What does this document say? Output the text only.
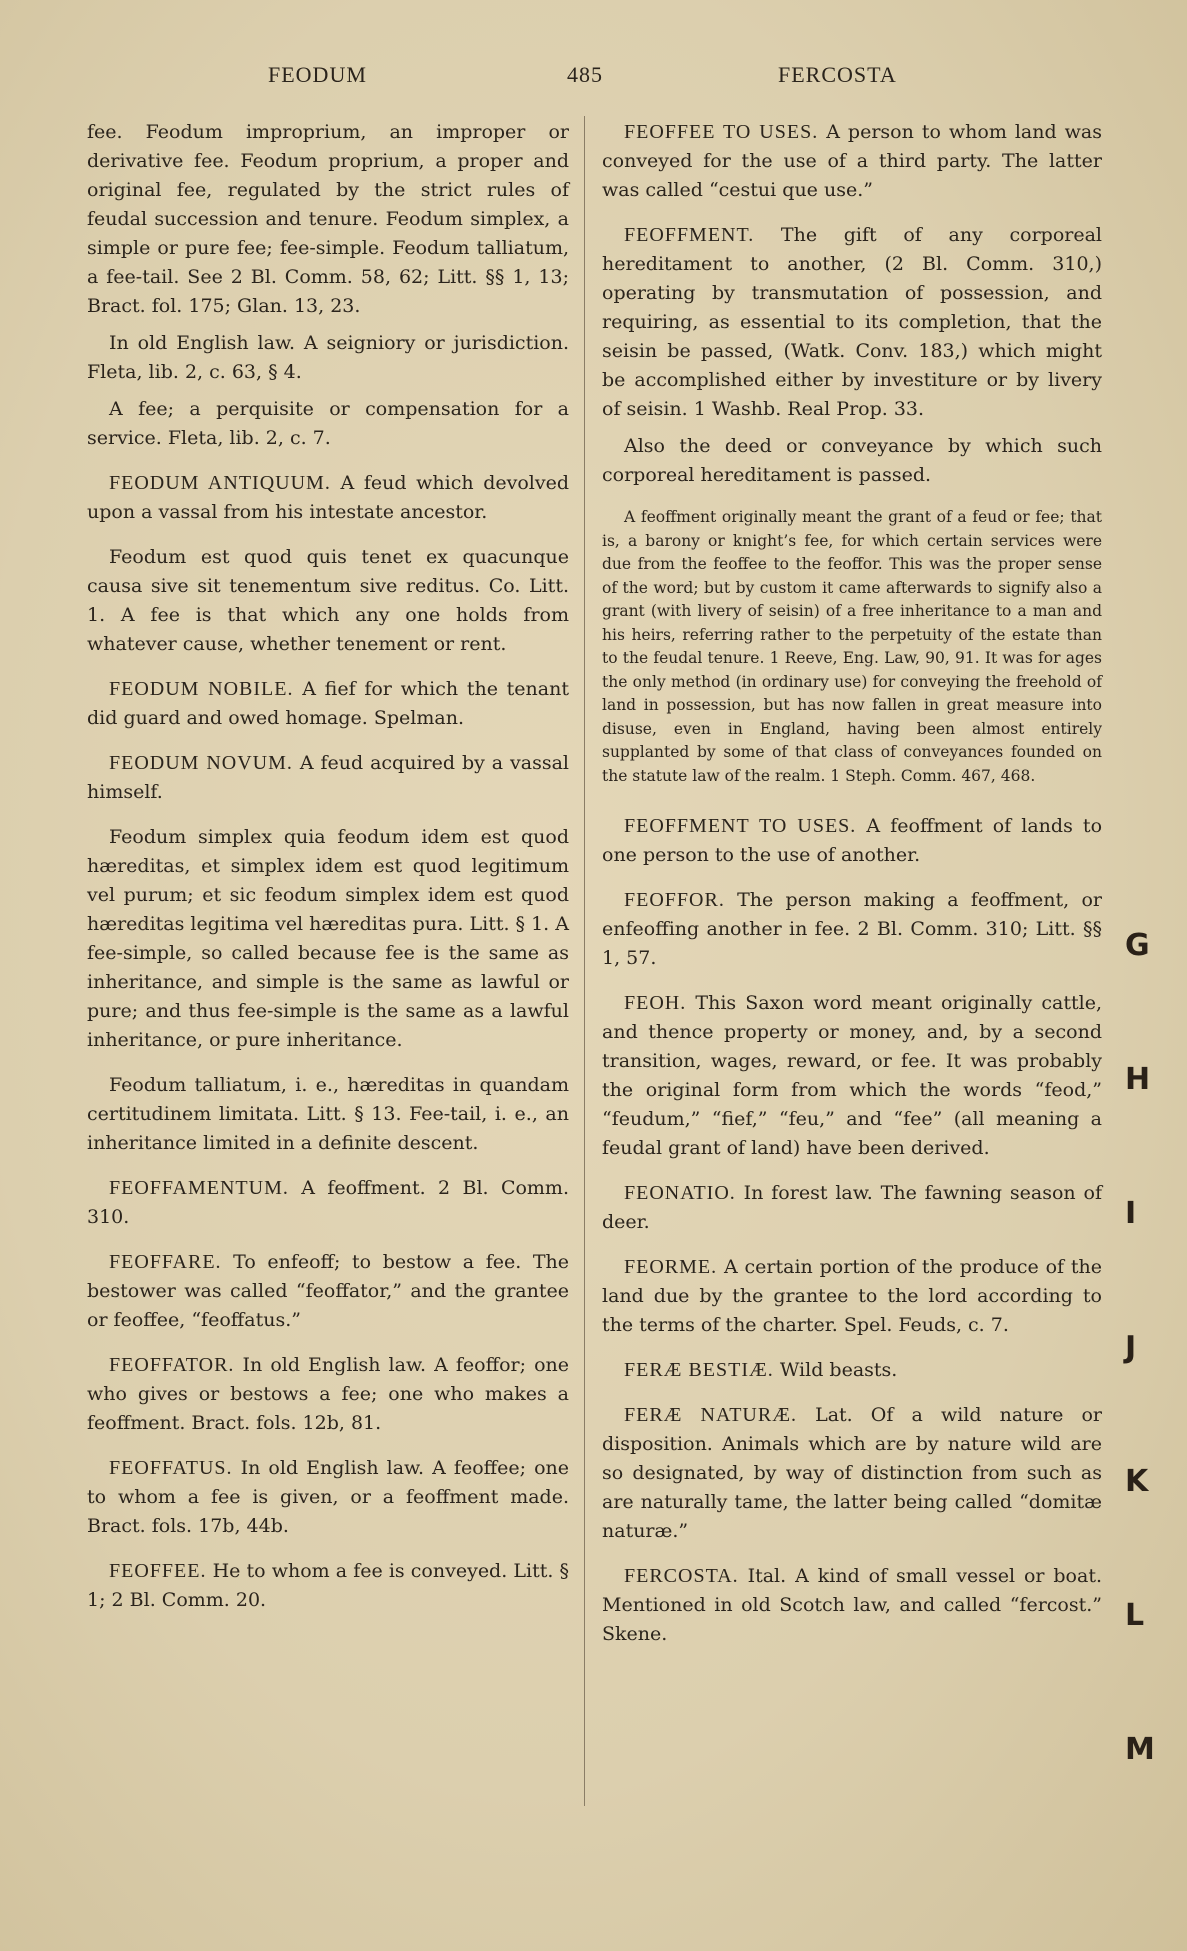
FEODUM	485	FERCOSTA

fee. Feodum improprium, an improper or derivative fee. Feodum proprium, a proper and original fee, regulated by the strict rules of feudal succession and tenure. Feodum simplex, a simple or pure fee; fee-simple. Feodum talliatum, a fee-tail. See 2 Bl. Comm. 58, 62; Litt. §§ 1, 13; Bract. fol. 175; Glan. 13, 23.

In old English law. A seigniory or jurisdiction. Fleta, lib. 2, c. 63, § 4.

A fee; a perquisite or compensation for a service. Fleta, lib. 2, c. 7.

FEODUM ANTIQUUM. A feud which devolved upon a vassal from his intestate ancestor.

Feodum est quod quis tenet ex quacunque causa sive sit tenementum sive reditus. Co. Litt. 1. A fee is that which any one holds from whatever cause, whether tenement or rent.

FEODUM NOBILE. A fief for which the tenant did guard and owed homage. Spelman.

FEODUM NOVUM. A feud acquired by a vassal himself.

Feodum simplex quia feodum idem est quod hæreditas, et simplex idem est quod legitimum vel purum; et sic feodum simplex idem est quod hæreditas legitima vel hæreditas pura. Litt. § 1. A fee-simple, so called because fee is the same as inheritance, and simple is the same as lawful or pure; and thus fee-simple is the same as a lawful inheritance, or pure inheritance.

Feodum talliatum, i. e., hæreditas in quandam certitudinem limitata. Litt. § 13. Fee-tail, i. e., an inheritance limited in a definite descent.

FEOFFAMENTUM. A feoffment. 2 Bl. Comm. 310.

FEOFFARE. To enfeoff; to bestow a fee. The bestower was called “feoffator,” and the grantee or feoffee, “feoffatus.”

FEOFFATOR. In old English law. A feoffor; one who gives or bestows a fee; one who makes a feoffment. Bract. fols. 12b, 81.

FEOFFATUS. In old English law. A feoffee; one to whom a fee is given, or a feoffment made. Bract. fols. 17b, 44b.

FEOFFEE. He to whom a fee is conveyed. Litt. § 1; 2 Bl. Comm. 20.

FEOFFEE TO USES. A person to whom land was conveyed for the use of a third party. The latter was called “cestui que use.”

FEOFFMENT. The gift of any corporeal hereditament to another, (2 Bl. Comm. 310,) operating by transmutation of possession, and requiring, as essential to its completion, that the seisin be passed, (Watk. Conv. 183,) which might be accomplished either by investiture or by livery of seisin. 1 Washb. Real Prop. 33.

Also the deed or conveyance by which such corporeal hereditament is passed.

A feoffment originally meant the grant of a feud or fee; that is, a barony or knight’s fee, for which certain services were due from the feoffee to the feoffor. This was the proper sense of the word; but by custom it came afterwards to signify also a grant (with livery of seisin) of a free inheritance to a man and his heirs, referring rather to the perpetuity of the estate than to the feudal tenure. 1 Reeve, Eng. Law, 90, 91. It was for ages the only method (in ordinary use) for conveying the freehold of land in possession, but has now fallen in great measure into disuse, even in England, having been almost entirely supplanted by some of that class of conveyances founded on the statute law of the realm. 1 Steph. Comm. 467, 468.

FEOFFMENT TO USES. A feoffment of lands to one person to the use of another.

FEOFFOR. The person making a feoffment, or enfeoffing another in fee. 2 Bl. Comm. 310; Litt. §§ 1, 57.

FEOH. This Saxon word meant originally cattle, and thence property or money, and, by a second transition, wages, reward, or fee. It was probably the original form from which the words “feod,” “feudum,” “fief,” “feu,” and “fee” (all meaning a feudal grant of land) have been derived.

FEONATIO. In forest law. The fawning season of deer.

FEORME. A certain portion of the produce of the land due by the grantee to the lord according to the terms of the charter. Spel. Feuds, c. 7.

FERÆ BESTIÆ. Wild beasts.

FERÆ NATURÆ. Lat. Of a wild nature or disposition. Animals which are by nature wild are so designated, by way of distinction from such as are naturally tame, the latter being called “domitæ naturæ.”

FERCOSTA. Ital. A kind of small vessel or boat. Mentioned in old Scotch law, and called “fercost.” Skene.

G
H
I
J
K
L
M
